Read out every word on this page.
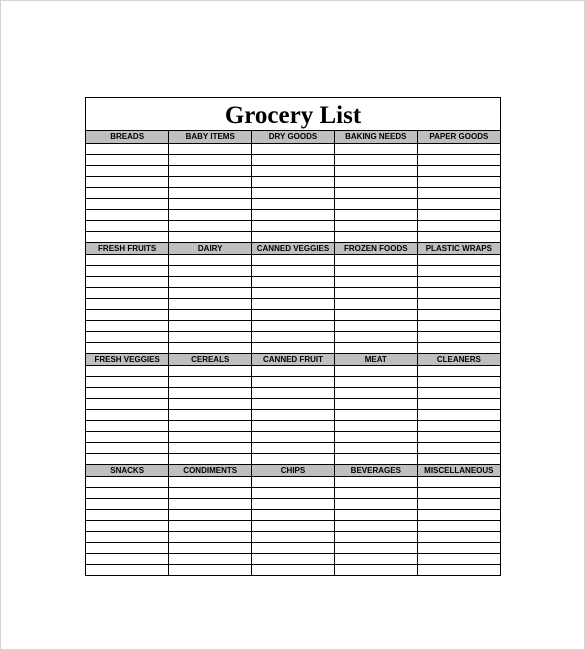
Grocery List
BREADS	BABY ITEMS	DRY GOODS	BAKING NEEDS	PAPER GOODS

FRESH FRUITS	DAIRY	CANNED VEGGIES	FROZEN FOODS	PLASTIC WRAPS

FRESH VEGGIES	CEREALS	CANNED FRUIT	MEAT	CLEANERS

SNACKS	CONDIMENTS	CHIPS	BEVERAGES	MISCELLANEOUS
